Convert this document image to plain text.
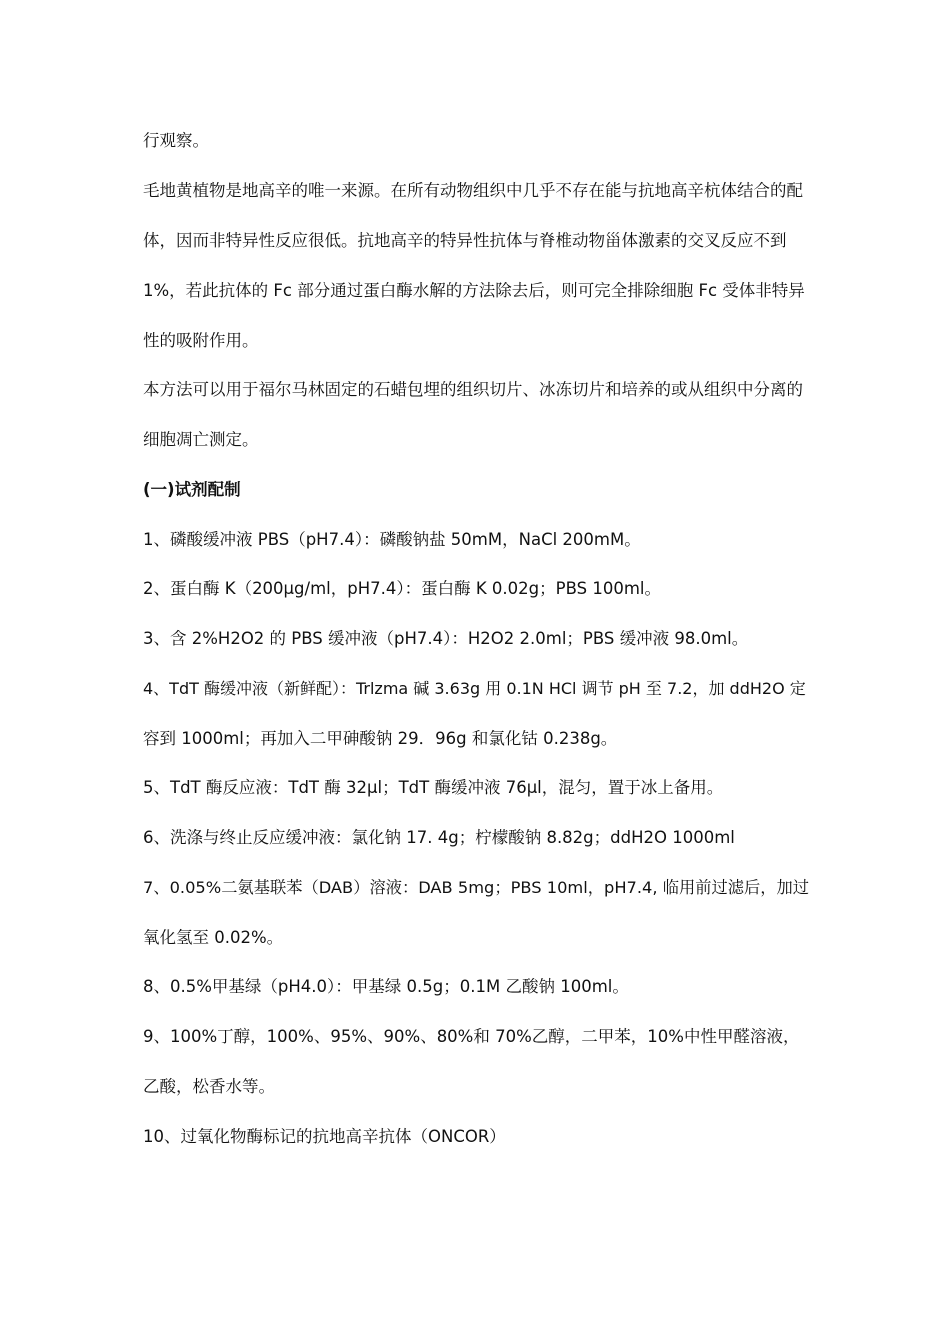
行观察。
毛地黄植物是地高辛的唯一来源。在所有动物组织中几乎不存在能与抗地高辛杭体结合的配
体，因而非特异性反应很低。抗地高辛的特异性抗体与脊椎动物甾体激素的交叉反应不到
1%，若此抗体的 Fc 部分通过蛋白酶水解的方法除去后，则可完全排除细胞 Fc 受体非特异
性的吸附作用。
本方法可以用于福尔马林固定的石蜡包埋的组织切片、冰冻切片和培养的或从组织中分离的
细胞凋亡测定。
(一)试剂配制
1、磷酸缓冲液 PBS（pH7.4）：磷酸钠盐 50mM，NaCl 200mM。
2、蛋白酶 K（200μg/ml，pH7.4）：蛋白酶 K 0.02g；PBS 100ml。
3、含 2%H2O2 的 PBS 缓冲液（pH7.4）：H2O2 2.0ml；PBS 缓冲液 98.0ml。
4、TdT 酶缓冲液（新鲜配）：Trlzma 碱 3.63g 用 0.1N HCl 调节 pH 至 7.2，加 ddH2O 定
容到 1000ml；再加入二甲砷酸钠 29．96g 和氯化钴 0.238g。
5、TdT 酶反应液：TdT 酶 32μl；TdT 酶缓冲液 76μl，混匀，置于冰上备用。
6、洗涤与终止反应缓冲液：氯化钠 17. 4g；柠檬酸钠 8.82g；ddH2O 1000ml
7、0.05%二氨基联苯（DAB）溶液：DAB 5mg；PBS 10ml，pH7.4, 临用前过滤后，加过
氧化氢至 0.02%。
8、0.5%甲基绿（pH4.0）：甲基绿 0.5g；0.1M 乙酸钠 100ml。
9、100%丁醇，100%、95%、90%、80%和 70%乙醇，二甲苯，10%中性甲醛溶液，
乙酸，松香水等。
10、过氧化物酶标记的抗地高辛抗体（ONCOR）
